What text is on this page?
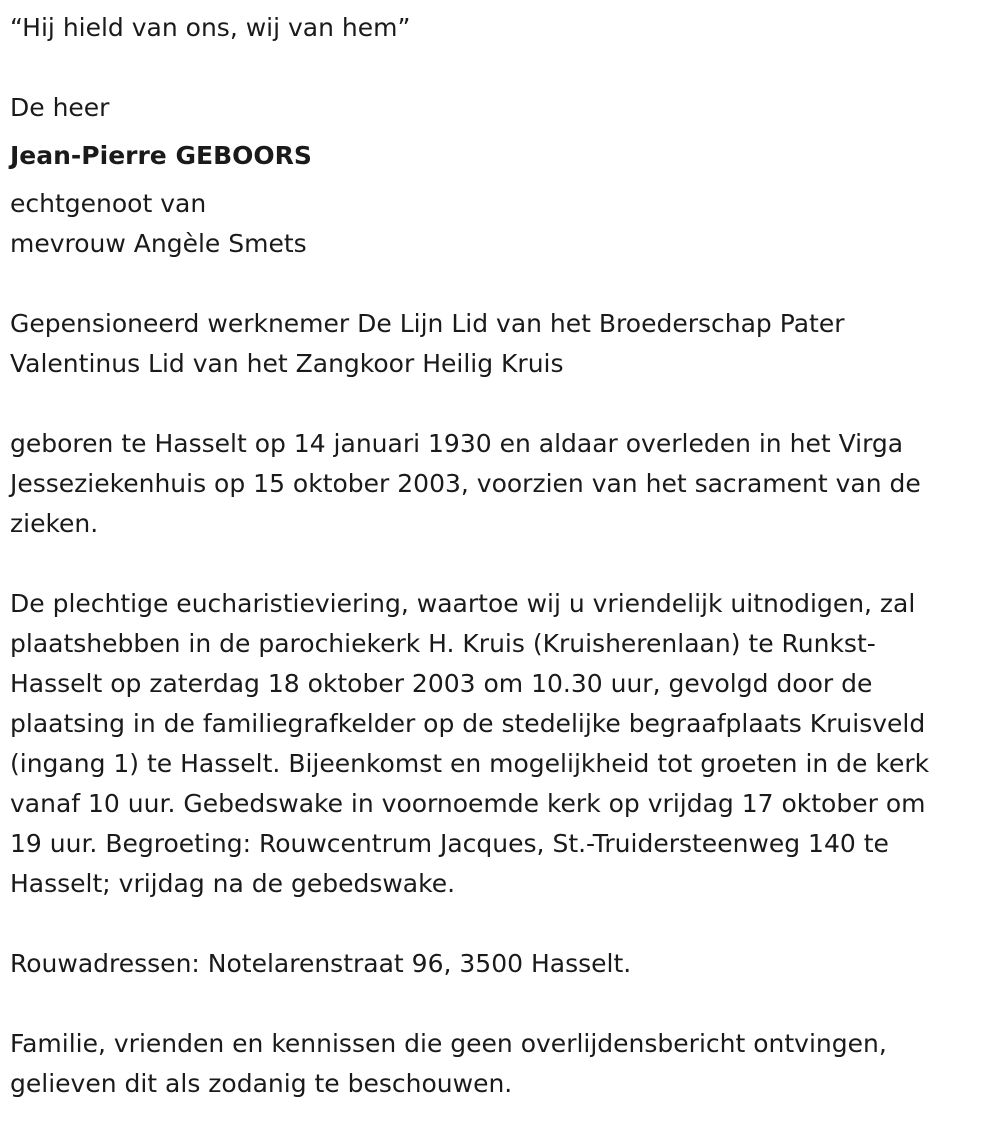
“Hij hield van ons, wij van hem”
De heer
Jean-Pierre GEBOORS
echtgenoot van
mevrouw Angèle Smets
Gepensioneerd werknemer De Lijn Lid van het Broederschap Pater
Valentinus Lid van het Zangkoor Heilig Kruis
geboren te Hasselt op 14 januari 1930 en aldaar overleden in het Virga
Jesseziekenhuis op 15 oktober 2003, voorzien van het sacrament van de
zieken.
De plechtige eucharistieviering, waartoe wij u vriendelijk uitnodigen, zal
plaatshebben in de parochiekerk H. Kruis (Kruisherenlaan) te Runkst-
Hasselt op zaterdag 18 oktober 2003 om 10.30 uur, gevolgd door de
plaatsing in de familiegrafkelder op de stedelijke begraafplaats Kruisveld
(ingang 1) te Hasselt. Bijeenkomst en mogelijkheid tot groeten in de kerk
vanaf 10 uur. Gebedswake in voornoemde kerk op vrijdag 17 oktober om
19 uur. Begroeting: Rouwcentrum Jacques, St.-Truidersteenweg 140 te
Hasselt; vrijdag na de gebedswake.
Rouwadressen: Notelarenstraat 96, 3500 Hasselt.
Familie, vrienden en kennissen die geen overlijdensbericht ontvingen,
gelieven dit als zodanig te beschouwen.
